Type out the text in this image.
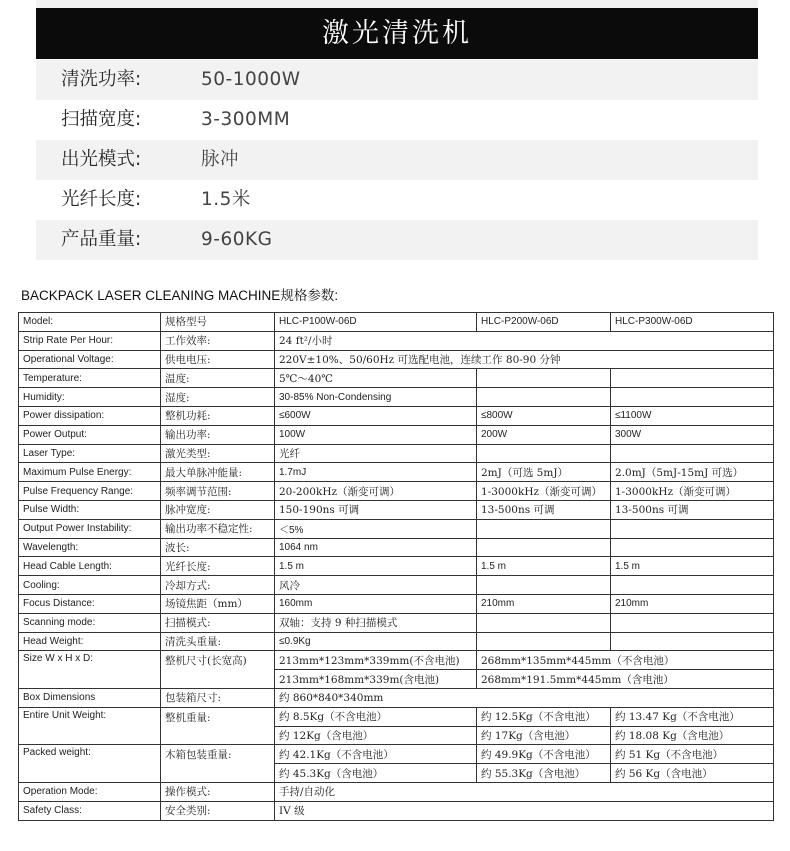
激光清洗机
清洗功率:	50-1000W
扫描宽度:	3-300MM
出光模式:	脉冲
光纤长度:	1.5米
产品重量:	9-60KG
BACKPACK LASER CLEANING MACHINE规格参数:
Model:	规格型号	HLC-P100W-06D	HLC-P200W-06D	HLC-P300W-06D
Strip Rate Per Hour:	工作效率:	24 ft²/小时		
Operational Voltage:	供电电压:	220V±10%、50/60Hz 可选配电池，连续工作 80-90 分钟		
Temperature:	温度:	5℃～40℃		
Humidity:	湿度:	30-85% Non-Condensing		
Power dissipation:	整机功耗:	≤600W	≤800W	≤1100W
Power Output:	输出功率:	100W	200W	300W
Laser Type:	激光类型:	光纤		
Maximum Pulse Energy:	最大单脉冲能量:	1.7mJ	2mJ（可选 5mJ）	2.0mJ（5mJ-15mJ 可选）
Pulse Frequency Range:	频率调节范围:	20-200kHz（渐变可调）	1-3000kHz（渐变可调）	1-3000kHz（渐变可调）
Pulse Width:	脉冲宽度:	150-190ns 可调	13-500ns 可调	13-500ns 可调
Output Power Instability:	输出功率不稳定性:	＜5%		
Wavelength:	波长:	1064 nm		
Head Cable Length:	光纤长度:	1.5 m	1.5 m	1.5 m
Cooling:	冷却方式:	风冷		
Focus Distance:	场镜焦距（mm）	160mm	210mm	210mm
Scanning mode:	扫描模式:	双轴：支持 9 种扫描模式		
Head Weight:	清洗头重量:	≤0.9Kg		
Size W x H x D:	整机尺寸(长宽高)	213mm*123mm*339mm(不含电池)	268mm*135mm*445mm（不含电池）	
		213mm*168mm*339m(含电池)	268mm*191.5mm*445mm（含电池）	
Box Dimensions	包装箱尺寸:	约 860*840*340mm		
Entire Unit Weight:	整机重量:	约 8.5Kg（不含电池）	约 12.5Kg（不含电池）	约 13.47 Kg（不含电池）
		约 12Kg（含电池）	约 17Kg（含电池）	约 18.08 Kg（含电池）
Packed weight:	木箱包装重量:	约 42.1Kg（不含电池）	约 49.9Kg（不含电池）	约 51 Kg（不含电池）
		约 45.3Kg（含电池）	约 55.3Kg（含电池）	约 56 Kg（含电池）
Operation Mode:	操作模式:	手持/自动化		
Safety Class:	安全类别:	IV 级		
